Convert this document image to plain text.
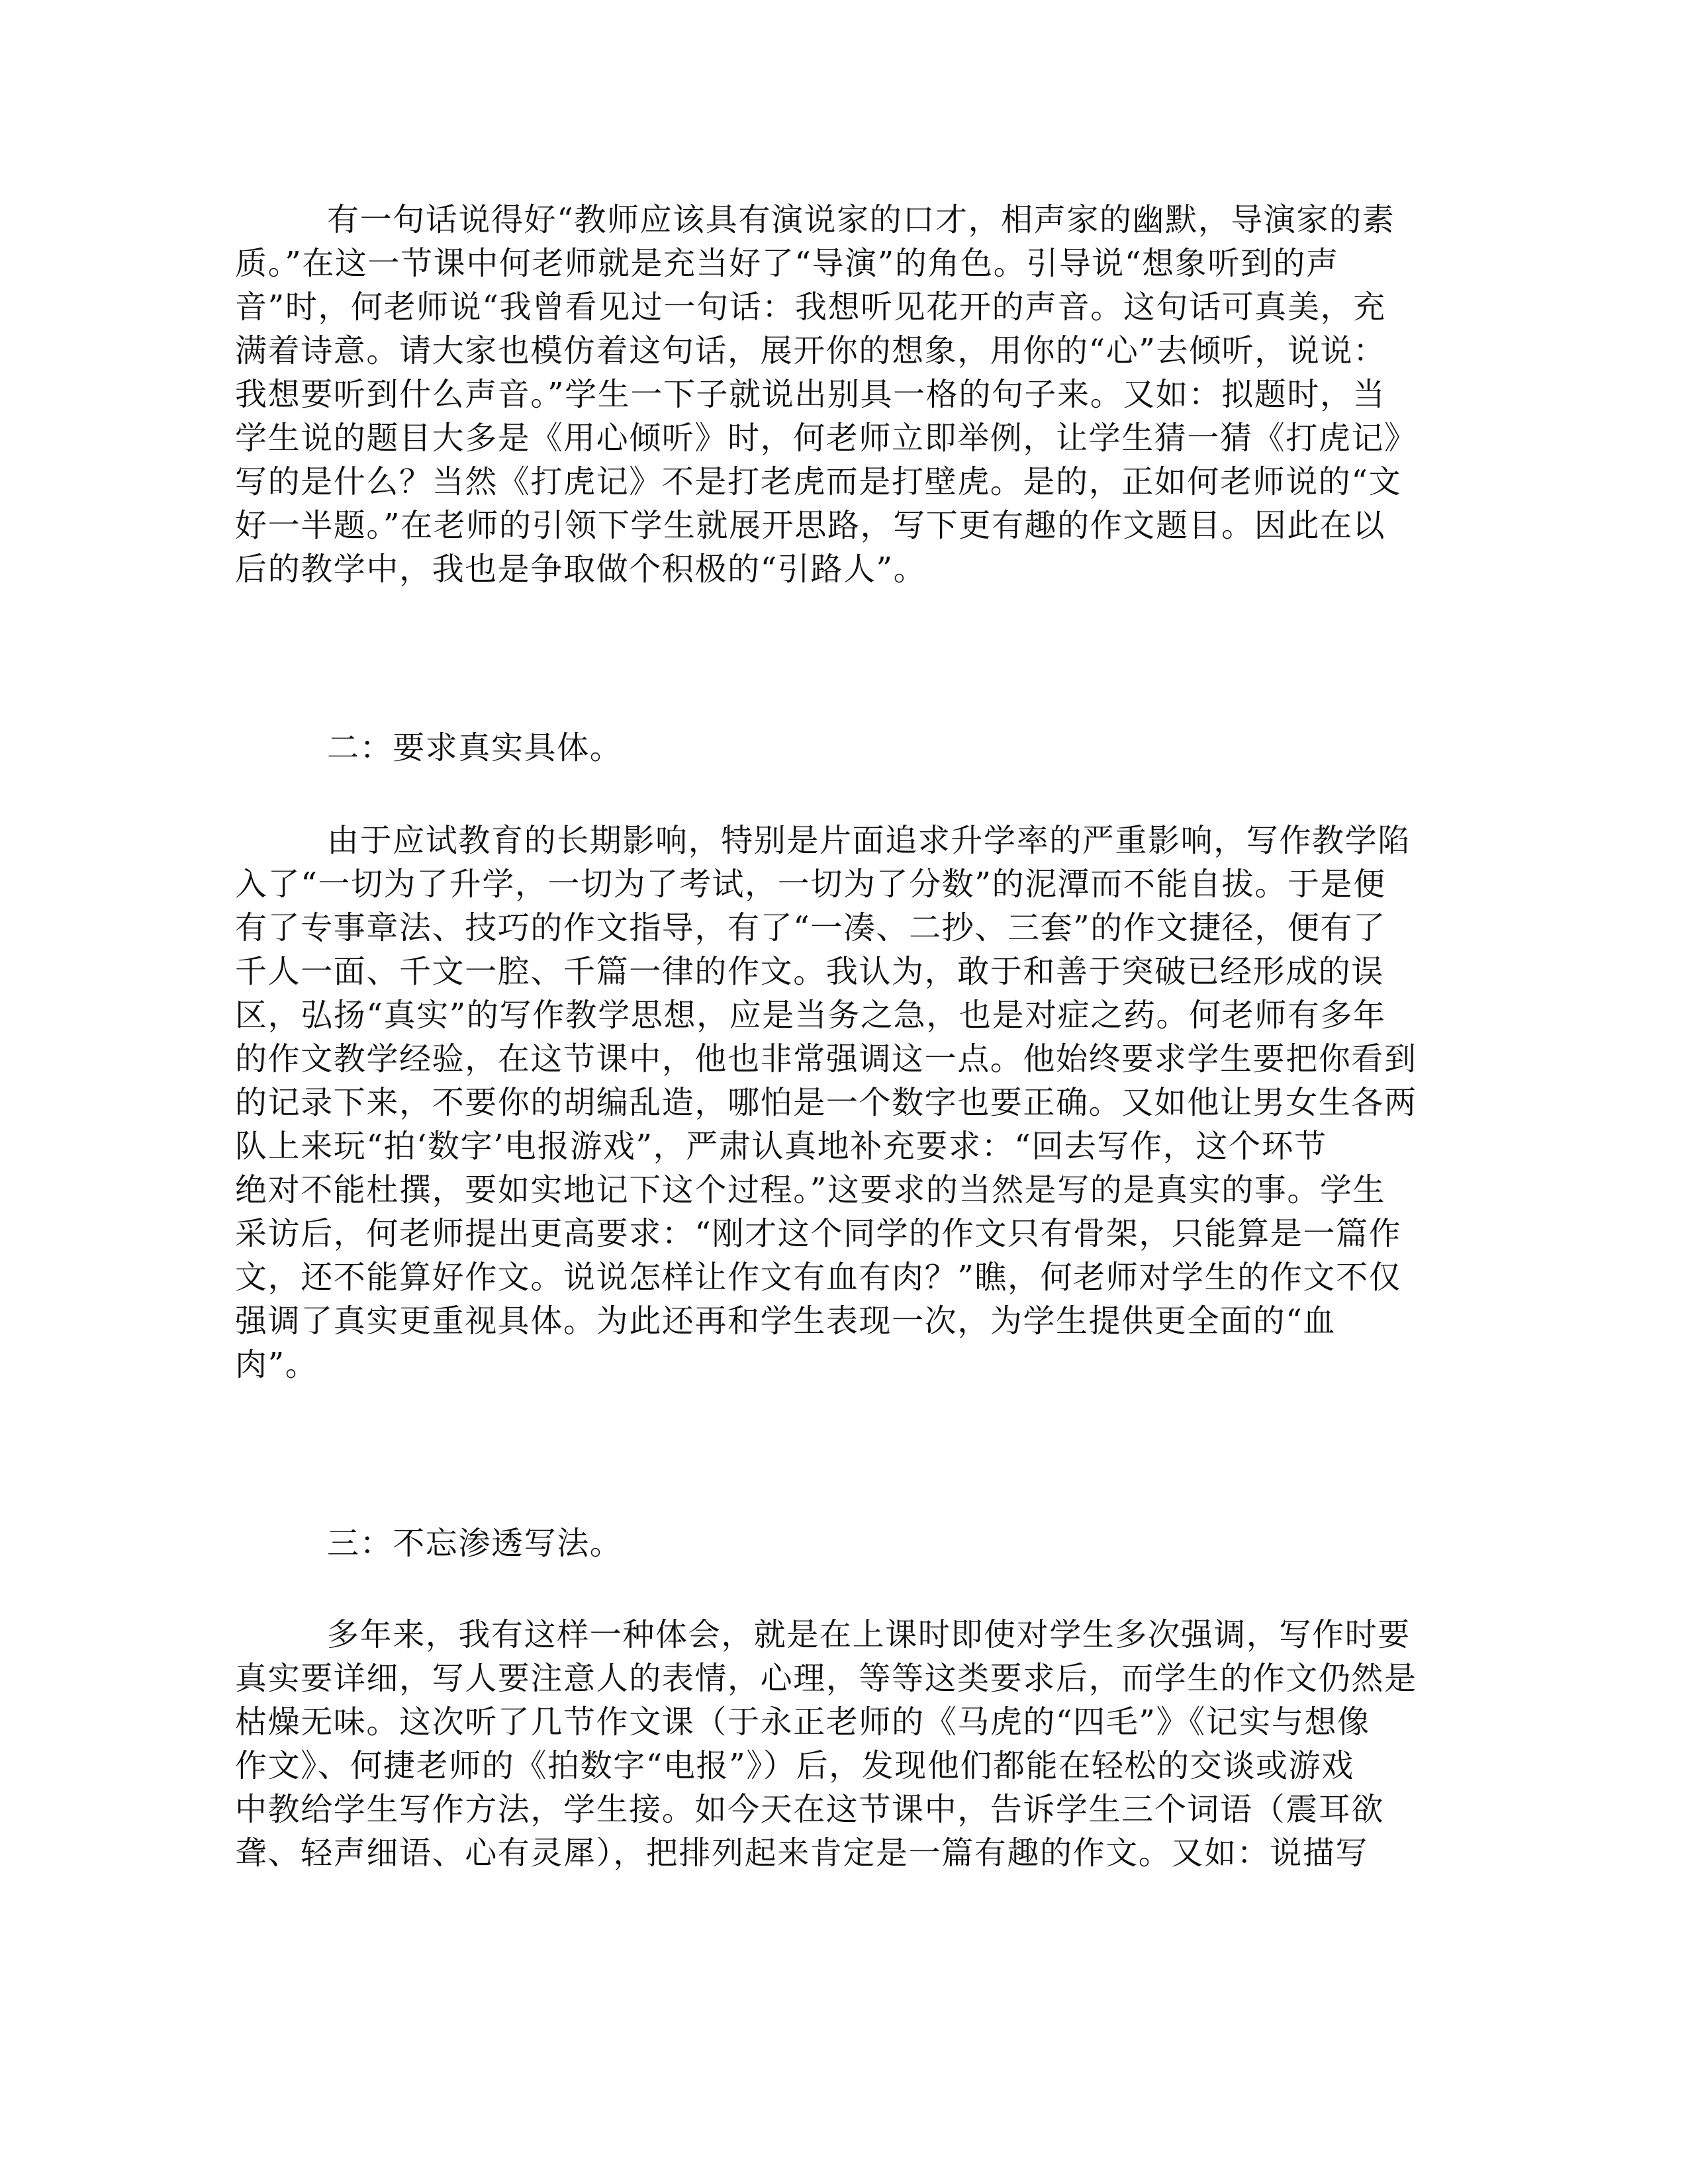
有一句话说得好“教师应该具有演说家的口才，相声家的幽默，导演家的素
质。”在这一节课中何老师就是充当好了“导演”的角色。引导说“想象听到的声
音”时，何老师说“我曾看见过一句话：我想听见花开的声音。这句话可真美，充
满着诗意。请大家也模仿着这句话，展开你的想象，用你的“心”去倾听，说说：
我想要听到什么声音。”学生一下子就说出别具一格的句子来。又如：拟题时，当
学生说的题目大多是《用心倾听》时，何老师立即举例，让学生猜一猜《打虎记》
写的是什么？当然《打虎记》不是打老虎而是打壁虎。是的，正如何老师说的“文
好一半题。”在老师的引领下学生就展开思路，写下更有趣的作文题目。因此在以
后的教学中，我也是争取做个积极的“引路人”。
二：要求真实具体。
由于应试教育的长期影响，特别是片面追求升学率的严重影响，写作教学陷
入了“一切为了升学，一切为了考试，一切为了分数”的泥潭而不能自拔。于是便
有了专事章法、技巧的作文指导，有了“一凑、二抄、三套”的作文捷径，便有了
千人一面、千文一腔、千篇一律的作文。我认为，敢于和善于突破已经形成的误
区，弘扬“真实”的写作教学思想，应是当务之急，也是对症之药。何老师有多年
的作文教学经验，在这节课中，他也非常强调这一点。他始终要求学生要把你看到
的记录下来，不要你的胡编乱造，哪怕是一个数字也要正确。又如他让男女生各两
队上来玩“拍‘数字’电报游戏”，严肃认真地补充要求：“回去写作，这个环节
绝对不能杜撰，要如实地记下这个过程。”这要求的当然是写的是真实的事。学生
采访后，何老师提出更高要求：“刚才这个同学的作文只有骨架，只能算是一篇作
文，还不能算好作文。说说怎样让作文有血有肉？”瞧，何老师对学生的作文不仅
强调了真实更重视具体。为此还再和学生表现一次，为学生提供更全面的“血
肉”。
三：不忘渗透写法。
多年来，我有这样一种体会，就是在上课时即使对学生多次强调，写作时要
真实要详细，写人要注意人的表情，心理，等等这类要求后，而学生的作文仍然是
枯燥无味。这次听了几节作文课（于永正老师的《马虎的“四毛”》《记实与想像
作文》、何捷老师的《拍数字“电报”》）后，发现他们都能在轻松的交谈或游戏
中教给学生写作方法，学生接。如今天在这节课中，告诉学生三个词语（震耳欲
聋、轻声细语、心有灵犀），把排列起来肯定是一篇有趣的作文。又如：说描写
